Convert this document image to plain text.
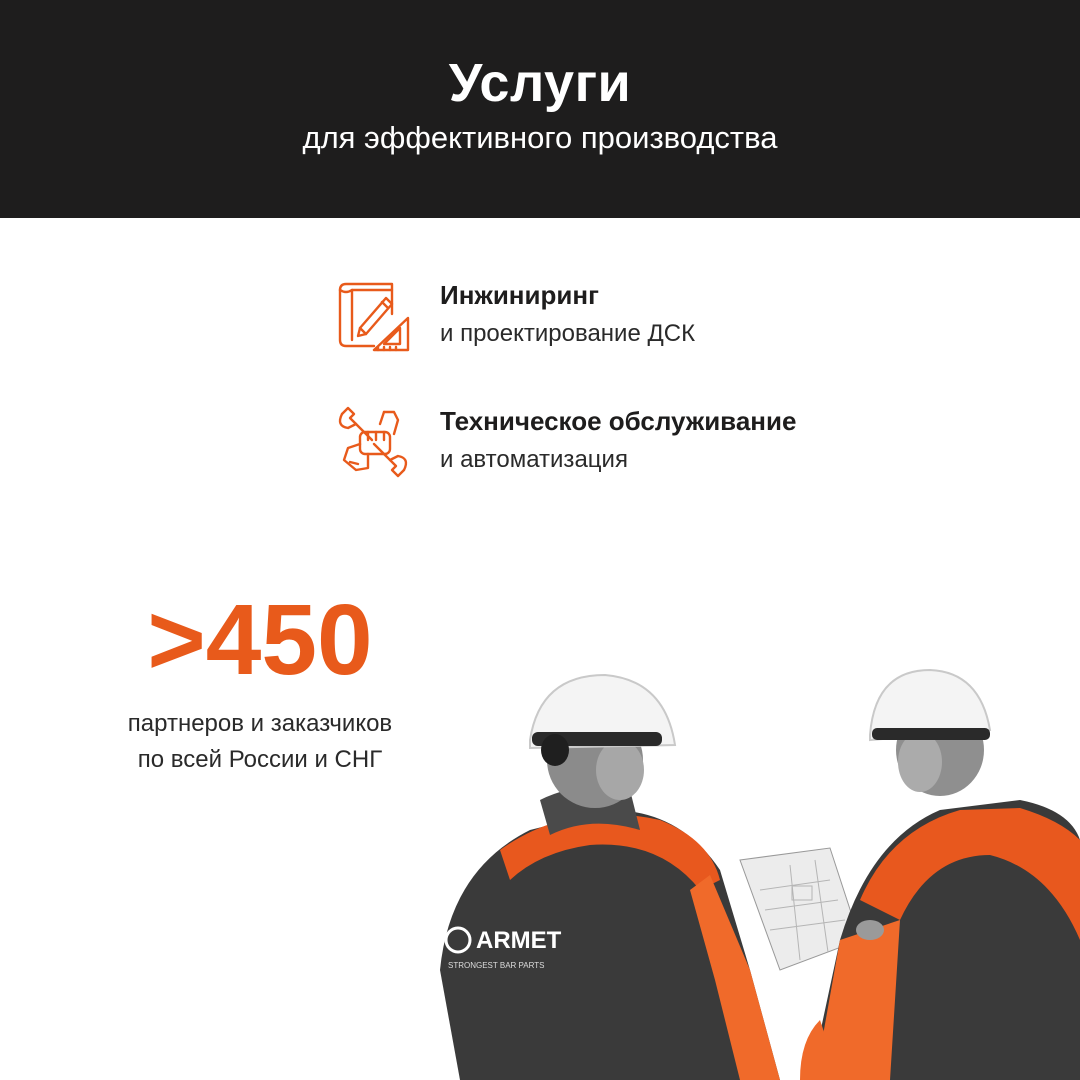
Услуги
для эффективного производства
Инжиниринг
и проектирование ДСК
Техническое обслуживание
и автоматизация
>450
партнеров и заказчиков
по всей России и СНГ
ARMET
STRONGEST BAR PARTS
